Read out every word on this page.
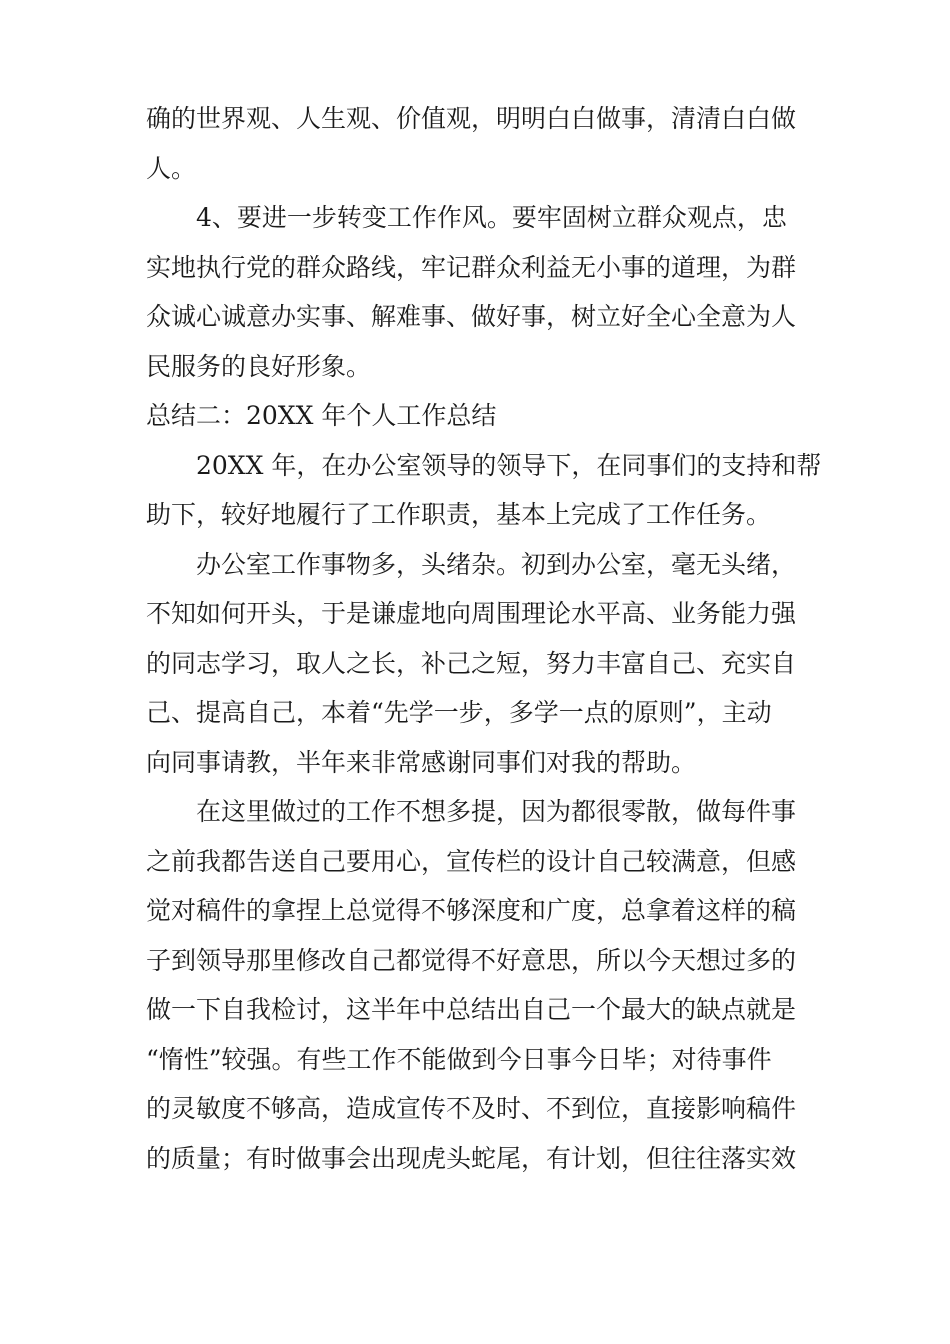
确的世界观、人生观、价值观，明明白白做事，清清白白做
人。
4、要进一步转变工作作风。要牢固树立群众观点，忠
实地执行党的群众路线，牢记群众利益无小事的道理，为群
众诚心诚意办实事、解难事、做好事，树立好全心全意为人
民服务的良好形象。
总结二：20XX 年个人工作总结
20XX 年，在办公室领导的领导下，在同事们的支持和帮
助下，较好地履行了工作职责，基本上完成了工作任务。
办公室工作事物多，头绪杂。初到办公室，毫无头绪，
不知如何开头，于是谦虚地向周围理论水平高、业务能力强
的同志学习，取人之长，补己之短，努力丰富自己、充实自
己、提高自己，本着“先学一步，多学一点的原则”，主动
向同事请教，半年来非常感谢同事们对我的帮助。
在这里做过的工作不想多提，因为都很零散，做每件事
之前我都告送自己要用心，宣传栏的设计自己较满意，但感
觉对稿件的拿捏上总觉得不够深度和广度，总拿着这样的稿
子到领导那里修改自己都觉得不好意思，所以今天想过多的
做一下自我检讨，这半年中总结出自己一个最大的缺点就是
“惰性”较强。有些工作不能做到今日事今日毕；对待事件
的灵敏度不够高，造成宣传不及时、不到位，直接影响稿件
的质量；有时做事会出现虎头蛇尾，有计划，但往往落实效
